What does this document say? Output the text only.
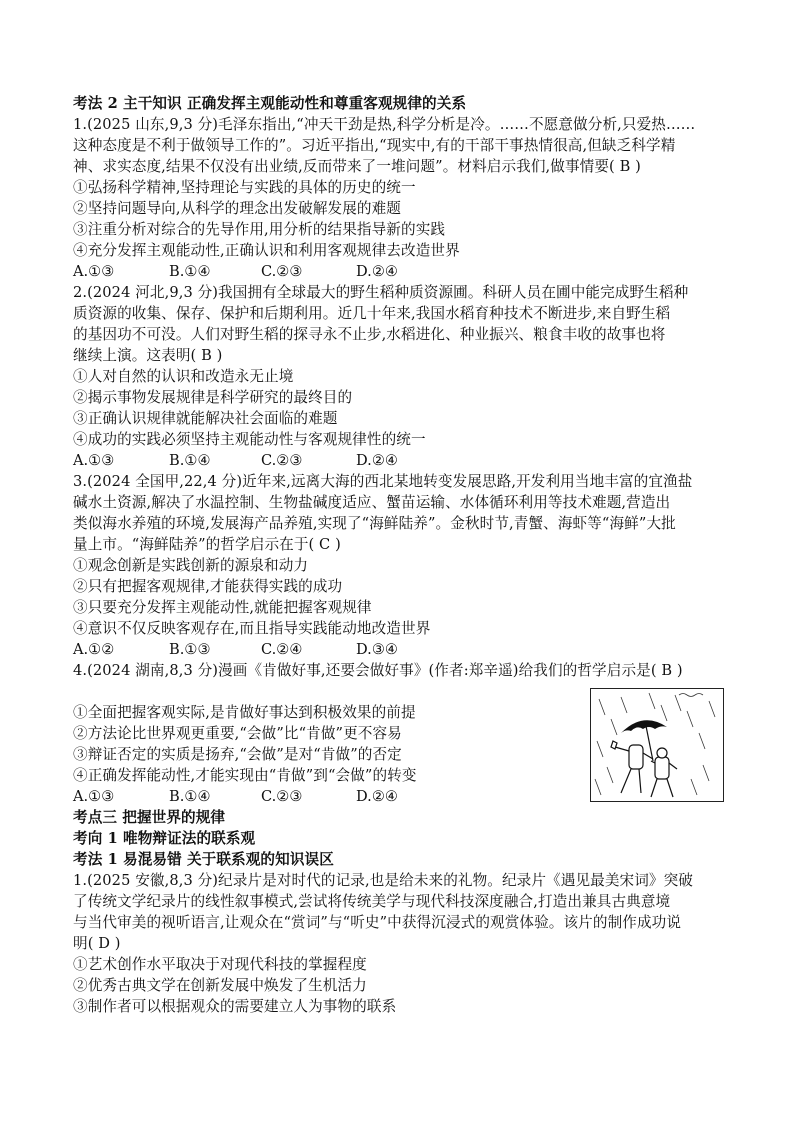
考法 2 主干知识 正确发挥主观能动性和尊重客观规律的关系
1.(2025 山东,9,3 分)毛泽东指出,“冲天干劲是热,科学分析是冷。……不愿意做分析,只爱热……
这种态度是不利于做领导工作的”。习近平指出,“现实中,有的干部干事热情很高,但缺乏科学精
神、求实态度,结果不仅没有出业绩,反而带来了一堆问题”。材料启示我们,做事情要( B )
①弘扬科学精神,坚持理论与实践的具体的历史的统一
②坚持问题导向,从科学的理念出发破解发展的难题
③注重分析对综合的先导作用,用分析的结果指导新的实践
④充分发挥主观能动性,正确认识和利用客观规律去改造世界
A.①③	B.①④	C.②③	D.②④
2.(2024 河北,9,3 分)我国拥有全球最大的野生稻种质资源圃。科研人员在圃中能完成野生稻种
质资源的收集、保存、保护和后期利用。近几十年来,我国水稻育种技术不断进步,来自野生稻
的基因功不可没。人们对野生稻的探寻永不止步,水稻进化、种业振兴、粮食丰收的故事也将
继续上演。这表明( B )
①人对自然的认识和改造永无止境
②揭示事物发展规律是科学研究的最终目的
③正确认识规律就能解决社会面临的难题
④成功的实践必须坚持主观能动性与客观规律性的统一
A.①③	B.①④	C.②③	D.②④
3.(2024 全国甲,22,4 分)近年来,远离大海的西北某地转变发展思路,开发利用当地丰富的宜渔盐
碱水土资源,解决了水温控制、生物盐碱度适应、蟹苗运输、水体循环利用等技术难题,营造出
类似海水养殖的环境,发展海产品养殖,实现了“海鲜陆养”。金秋时节,青蟹、海虾等“海鲜”大批
量上市。“海鲜陆养”的哲学启示在于( C )
①观念创新是实践创新的源泉和动力
②只有把握客观规律,才能获得实践的成功
③只要充分发挥主观能动性,就能把握客观规律
④意识不仅反映客观存在,而且指导实践能动地改造世界
A.①②	B.①③	C.②④	D.③④
4.(2024 湖南,8,3 分)漫画《肯做好事,还要会做好事》(作者:郑辛遥)给我们的哲学启示是( B )
①全面把握客观实际,是肯做好事达到积极效果的前提
②方法论比世界观更重要,“会做”比“肯做”更不容易
③辩证否定的实质是扬弃,“会做”是对“肯做”的否定
④正确发挥能动性,才能实现由“肯做”到“会做”的转变
A.①③	B.①④	C.②③	D.②④
考点三 把握世界的规律
考向 1 唯物辩证法的联系观
考法 1 易混易错 关于联系观的知识误区
1.(2025 安徽,8,3 分)纪录片是对时代的记录,也是给未来的礼物。纪录片《遇见最美宋词》突破
了传统文学纪录片的线性叙事模式,尝试将传统美学与现代科技深度融合,打造出兼具古典意境
与当代审美的视听语言,让观众在“赏词”与“听史”中获得沉浸式的观赏体验。该片的制作成功说
明( D )
①艺术创作水平取决于对现代科技的掌握程度
②优秀古典文学在创新发展中焕发了生机活力
③制作者可以根据观众的需要建立人为事物的联系
